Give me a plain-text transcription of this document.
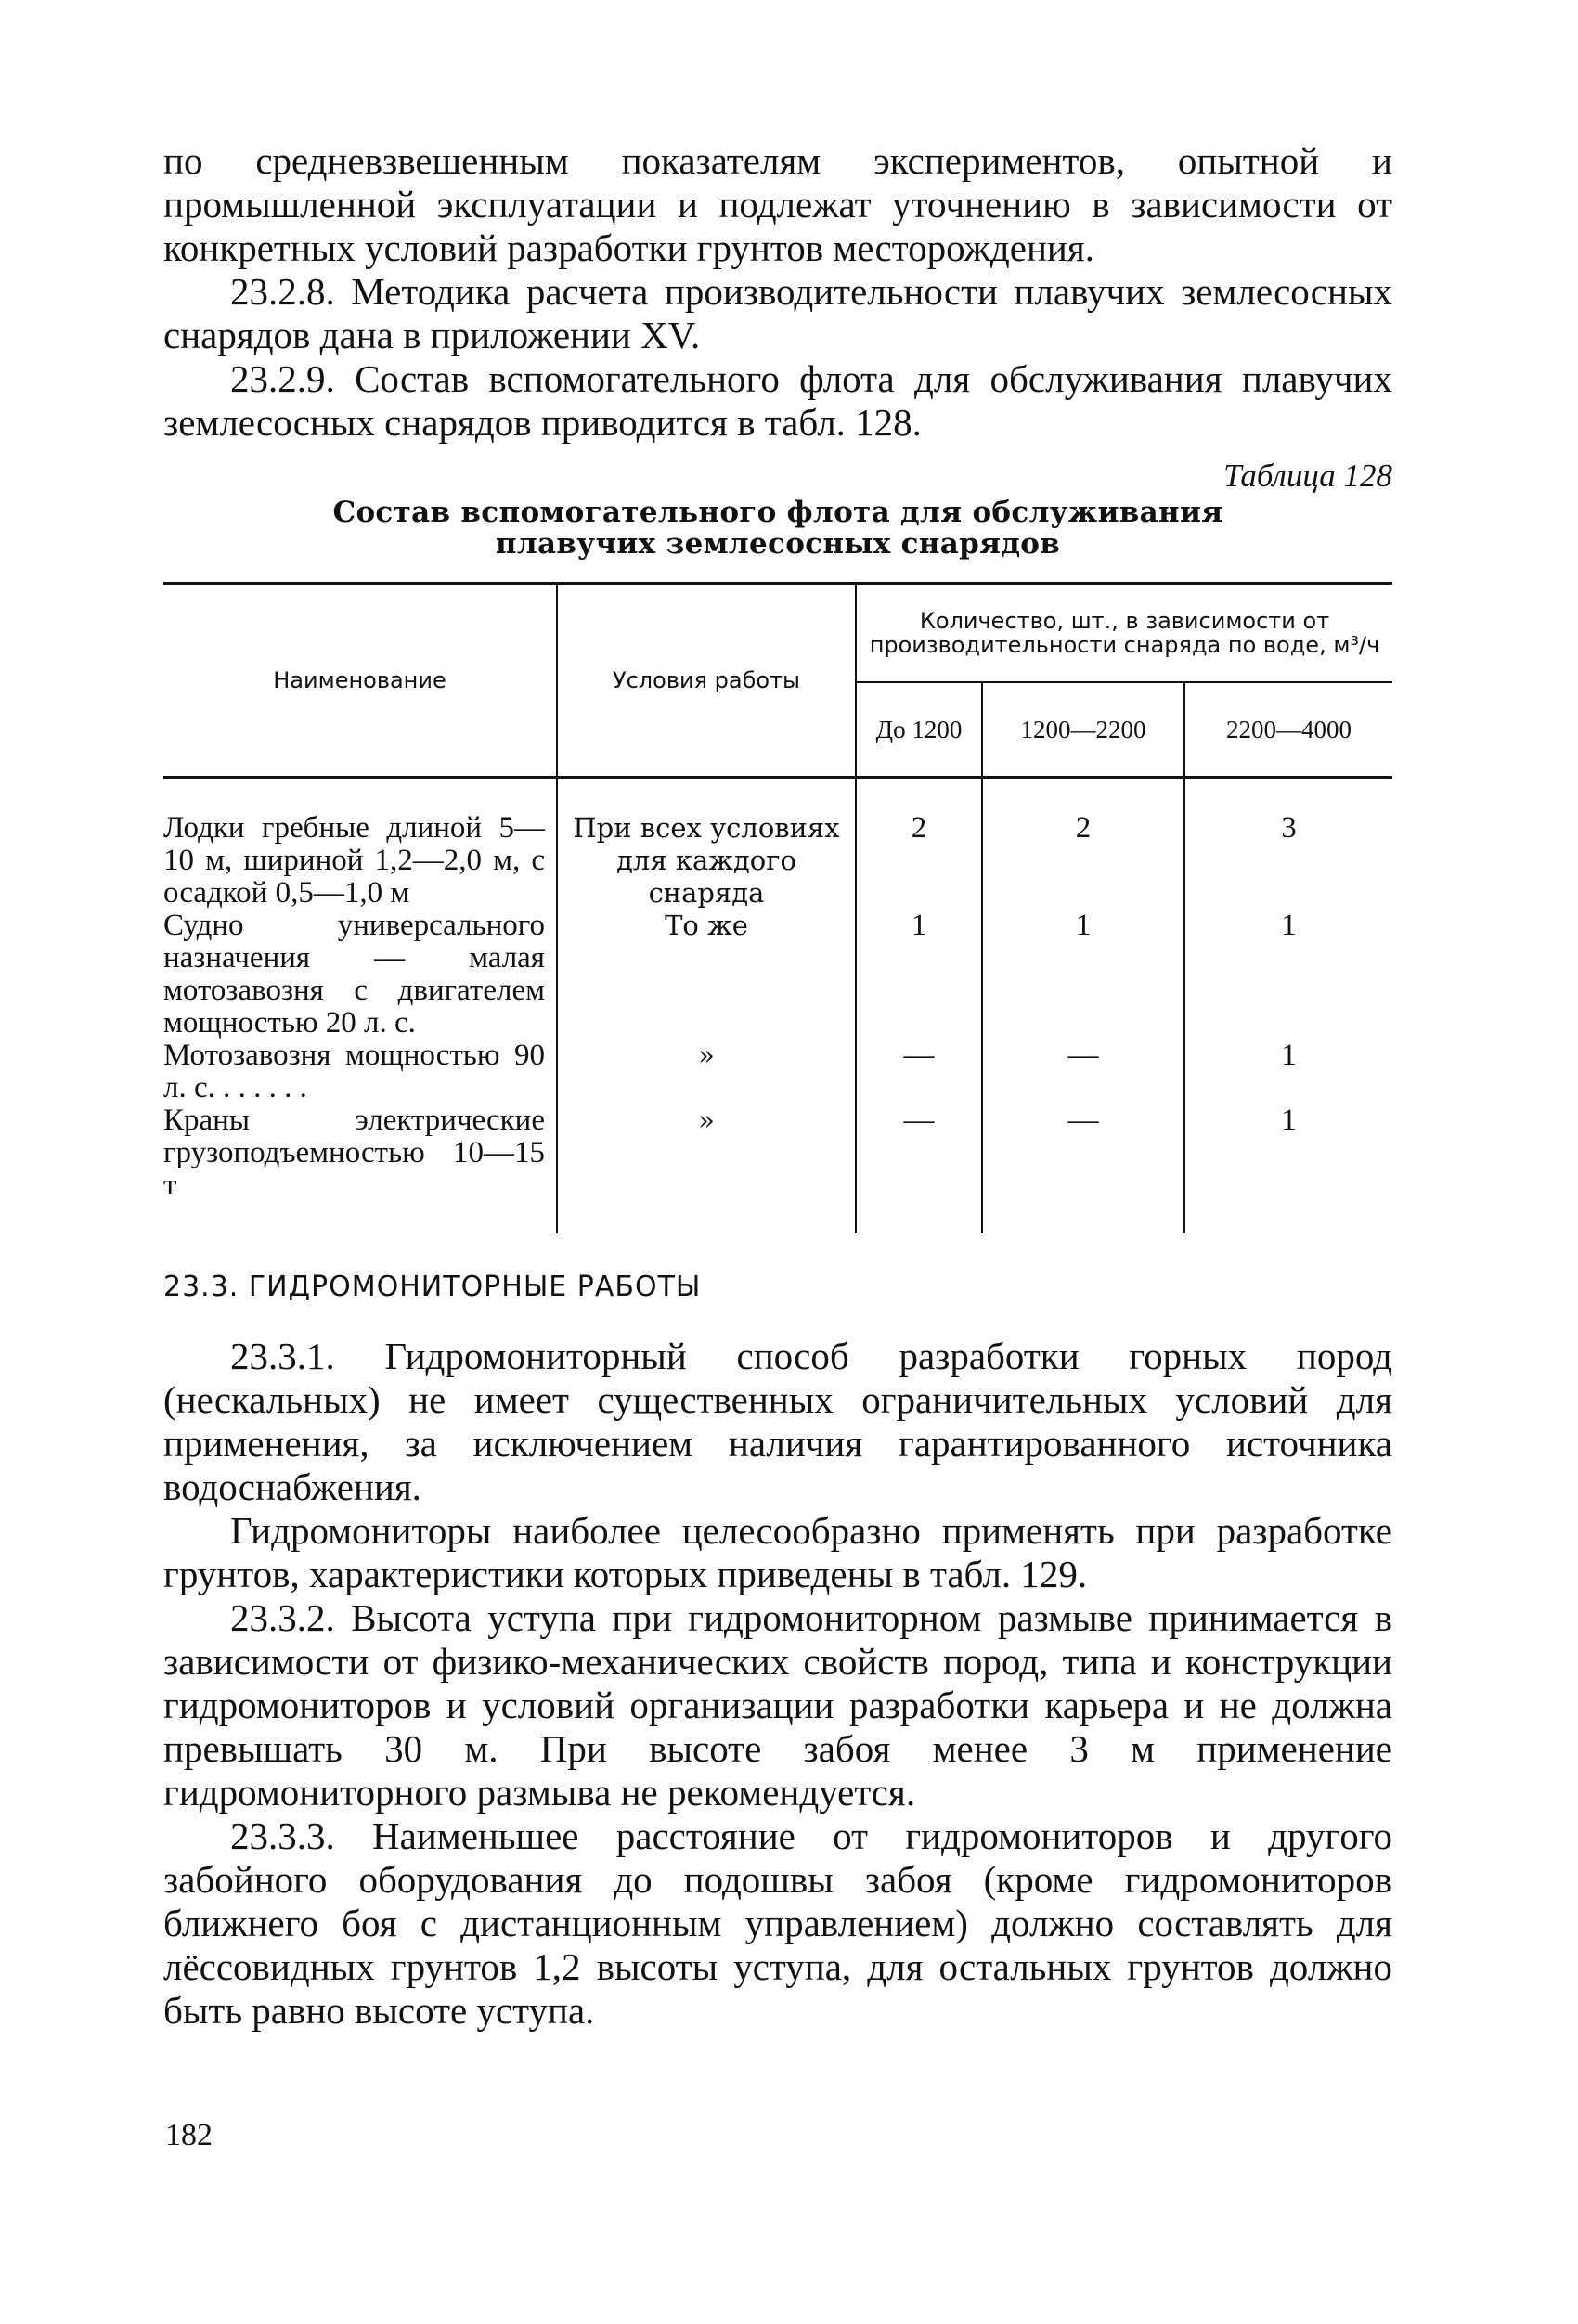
по средневзвешенным показателям экспериментов, опытной и промышленной эксплуатации и подлежат уточнению в зависимости от конкретных условий разработки грунтов месторождения.

23.2.8. Методика расчета производительности плавучих землесосных снарядов дана в приложении XV.

23.2.9. Состав вспомогательного флота для обслуживания плавучих землесосных снарядов приводится в табл. 128.

Таблица 128
Состав вспомогательного флота для обслуживания
плавучих землесосных снарядов
Наименование	Условия работы	Количество, шт., в зависимости от производительности снаряда по воде, м³/ч		
		До 1200	1200—2200	2200—4000
Лодки гребные длиной 5—10 м, шириной 1,2—2,0 м, с осадкой 0,5—1,0 м	При всех условиях для каждого снаряда	2	2	3
Судно универсального назначения — малая мотозавозня с двигателем мощностью 20 л. с.	То же	1	1	1
Мотозавозня мощностью 90 л. с. . . . . . .	»	—	—	1
Краны электрические грузоподъемностью 10—15 т	»	—	—	1
23.3. ГИДРОМОНИТОРНЫЕ РАБОТЫ

23.3.1. Гидромониторный способ разработки горных пород (нескальных) не имеет существенных ограничительных условий для применения, за исключением наличия гарантированного источника водоснабжения.

Гидромониторы наиболее целесообразно применять при разработке грунтов, характеристики которых приведены в табл. 129.

23.3.2. Высота уступа при гидромониторном размыве принимается в зависимости от физико-механических свойств пород, типа и конструкции гидромониторов и условий организации разработки карьера и не должна превышать 30 м. При высоте забоя менее 3 м применение гидромониторного размыва не рекомендуется.

23.3.3. Наименьшее расстояние от гидромониторов и другого забойного оборудования до подошвы забоя (кроме гидромониторов ближнего боя с дистанционным управлением) должно составлять для лёссовидных грунтов 1,2 высоты уступа, для остальных грунтов должно быть равно высоте уступа.

182
